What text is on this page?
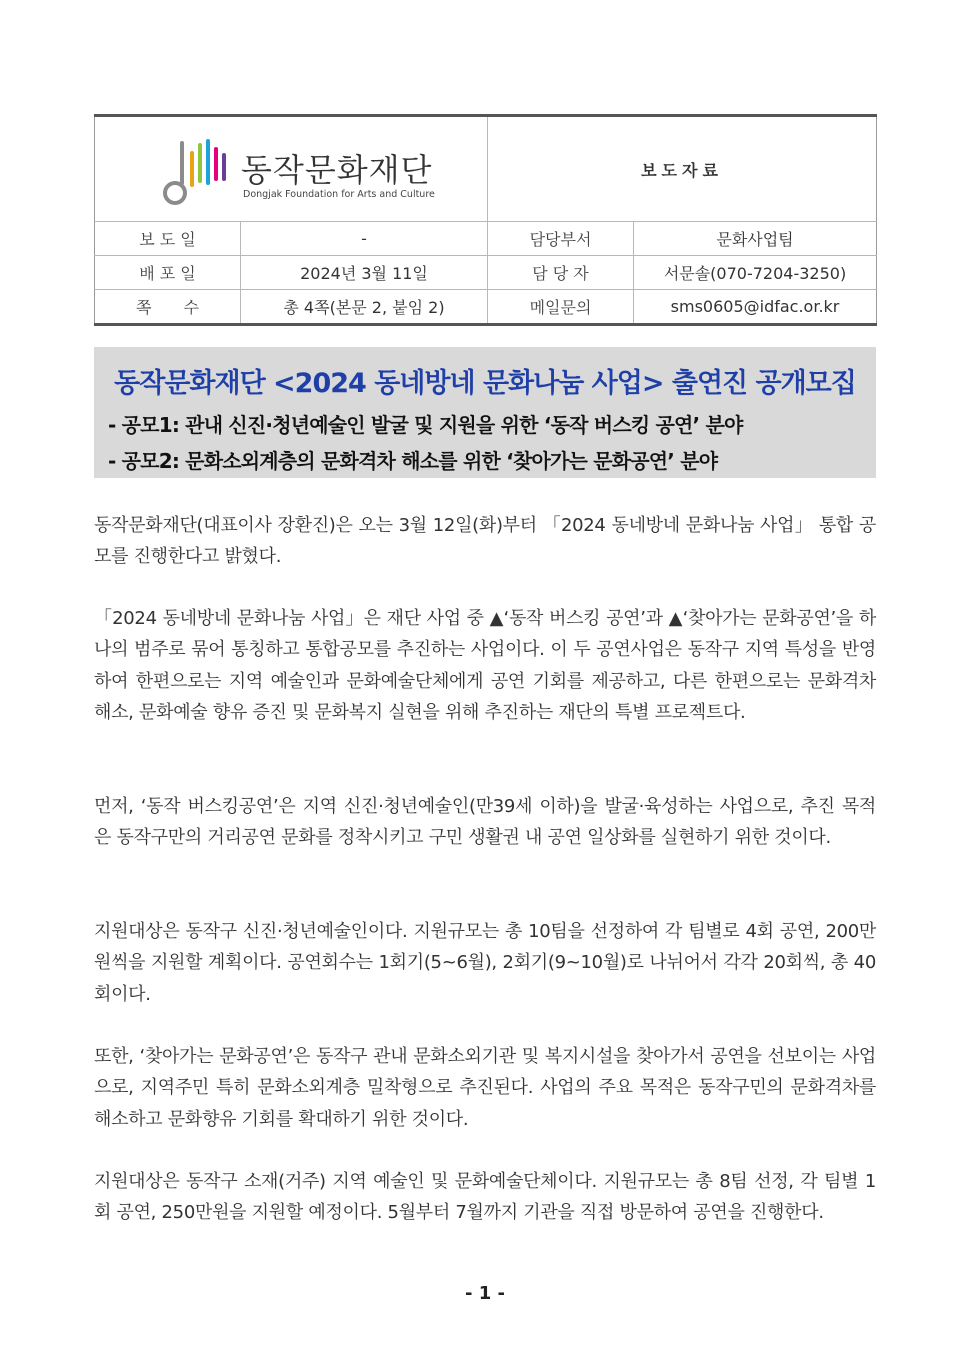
동작문화재단
Dongjak Foundation for Arts and Culture		보도자료	
보 도 일	-	담당부서	문화사업팀
배 포 일	2024년 3월 11일	담 당 자	서문솔(070-7204-3250)
쪽　　수	총 4쪽(본문 2, 붙임 2)	메일문의	sms0605@idfac.or.kr
동작문화재단 <2024 동네방네 문화나눔 사업> 출연진 공개모집
- 공모1: 관내 신진·청년예술인 발굴 및 지원을 위한 ‘동작 버스킹 공연’ 분야
- 공모2: 문화소외계층의 문화격차 해소를 위한 ‘찾아가는 문화공연’ 분야
동작문화재단(대표이사 장환진)은 오는 3월 12일(화)부터 「2024 동네방네 문화나눔 사업」 통합 공모를 진행한다고 밝혔다.
「2024 동네방네 문화나눔 사업」은 재단 사업 중 ▲‘동작 버스킹 공연’과 ▲‘찾아가는 문화공연’을 하나의 범주로 묶어 통칭하고 통합공모를 추진하는 사업이다. 이 두 공연사업은 동작구 지역 특성을 반영하여 한편으로는 지역 예술인과 문화예술단체에게 공연 기회를 제공하고, 다른 한편으로는 문화격차 해소, 문화예술 향유 증진 및 문화복지 실현을 위해 추진하는 재단의 특별 프로젝트다.
먼저, ‘동작 버스킹공연’은 지역 신진·청년예술인(만39세 이하)을 발굴·육성하는 사업으로, 추진 목적은 동작구만의 거리공연 문화를 정착시키고 구민 생활권 내 공연 일상화를 실현하기 위한 것이다.
지원대상은 동작구 신진·청년예술인이다. 지원규모는 총 10팀을 선정하여 각 팀별로 4회 공연, 200만원씩을 지원할 계획이다. 공연회수는 1회기(5~6월), 2회기(9~10월)로 나뉘어서 각각 20회씩, 총 40회이다.
또한, ‘찾아가는 문화공연’은 동작구 관내 문화소외기관 및 복지시설을 찾아가서 공연을 선보이는 사업으로, 지역주민 특히 문화소외계층 밀착형으로 추진된다. 사업의 주요 목적은 동작구민의 문화격차를 해소하고 문화향유 기회를 확대하기 위한 것이다.
지원대상은 동작구 소재(거주) 지역 예술인 및 문화예술단체이다. 지원규모는 총 8팀 선정, 각 팀별 1회 공연, 250만원을 지원할 예정이다. 5월부터 7월까지 기관을 직접 방문하여 공연을 진행한다.
- 1 -
